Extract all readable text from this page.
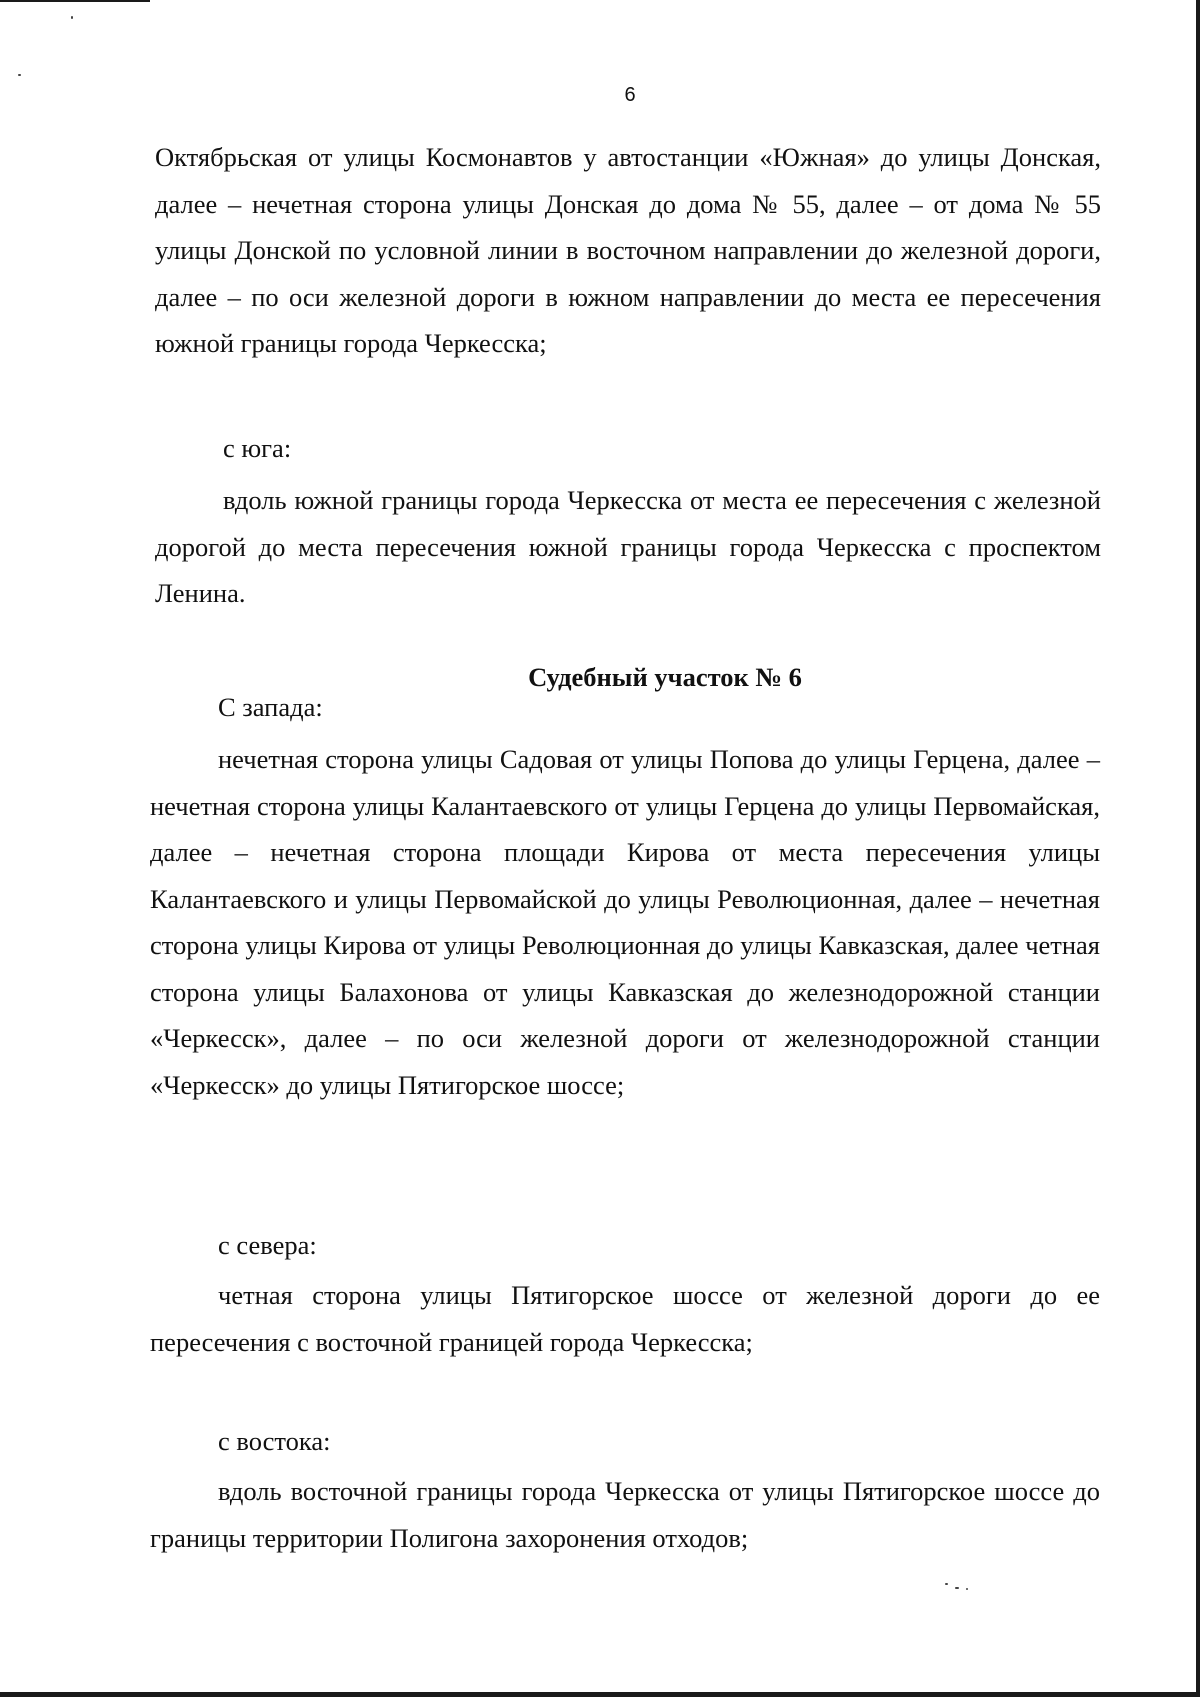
6

Октябрьская от улицы Космонавтов у автостанции «Южная» до улицы Донская, далее – нечетная сторона улицы Донская до дома № 55, далее – от дома № 55 улицы Донской по условной линии в восточном направлении до железной дороги, далее – по оси железной дороги в южном направлении до места ее пересечения южной границы города Черкесска;

с юга:

вдоль южной границы города Черкесска от места ее пересечения с железной дорогой до места пересечения южной границы города Черкесска с проспектом Ленина.

Судебный участок № 6

С запада:

нечетная сторона улицы Садовая от улицы Попова до улицы Герцена, далее – нечетная сторона улицы Калантаевского от улицы Герцена до улицы Первомайская, далее – нечетная сторона площади Кирова от места пересечения улицы Калантаевского и улицы Первомайской до улицы Революционная, далее – нечетная сторона улицы Кирова от улицы Революционная до улицы Кавказская, далее четная сторона улицы Балахонова от улицы Кавказская до железнодорожной станции «Черкесск», далее – по оси железной дороги от железнодорожной станции «Черкесск» до улицы Пятигорское шоссе;

с севера:

четная сторона улицы Пятигорское шоссе от железной дороги до ее пересечения с восточной границей города Черкесска;

с востока:

вдоль восточной границы города Черкесска от улицы Пятигорское шоссе до границы территории Полигона захоронения отходов;
